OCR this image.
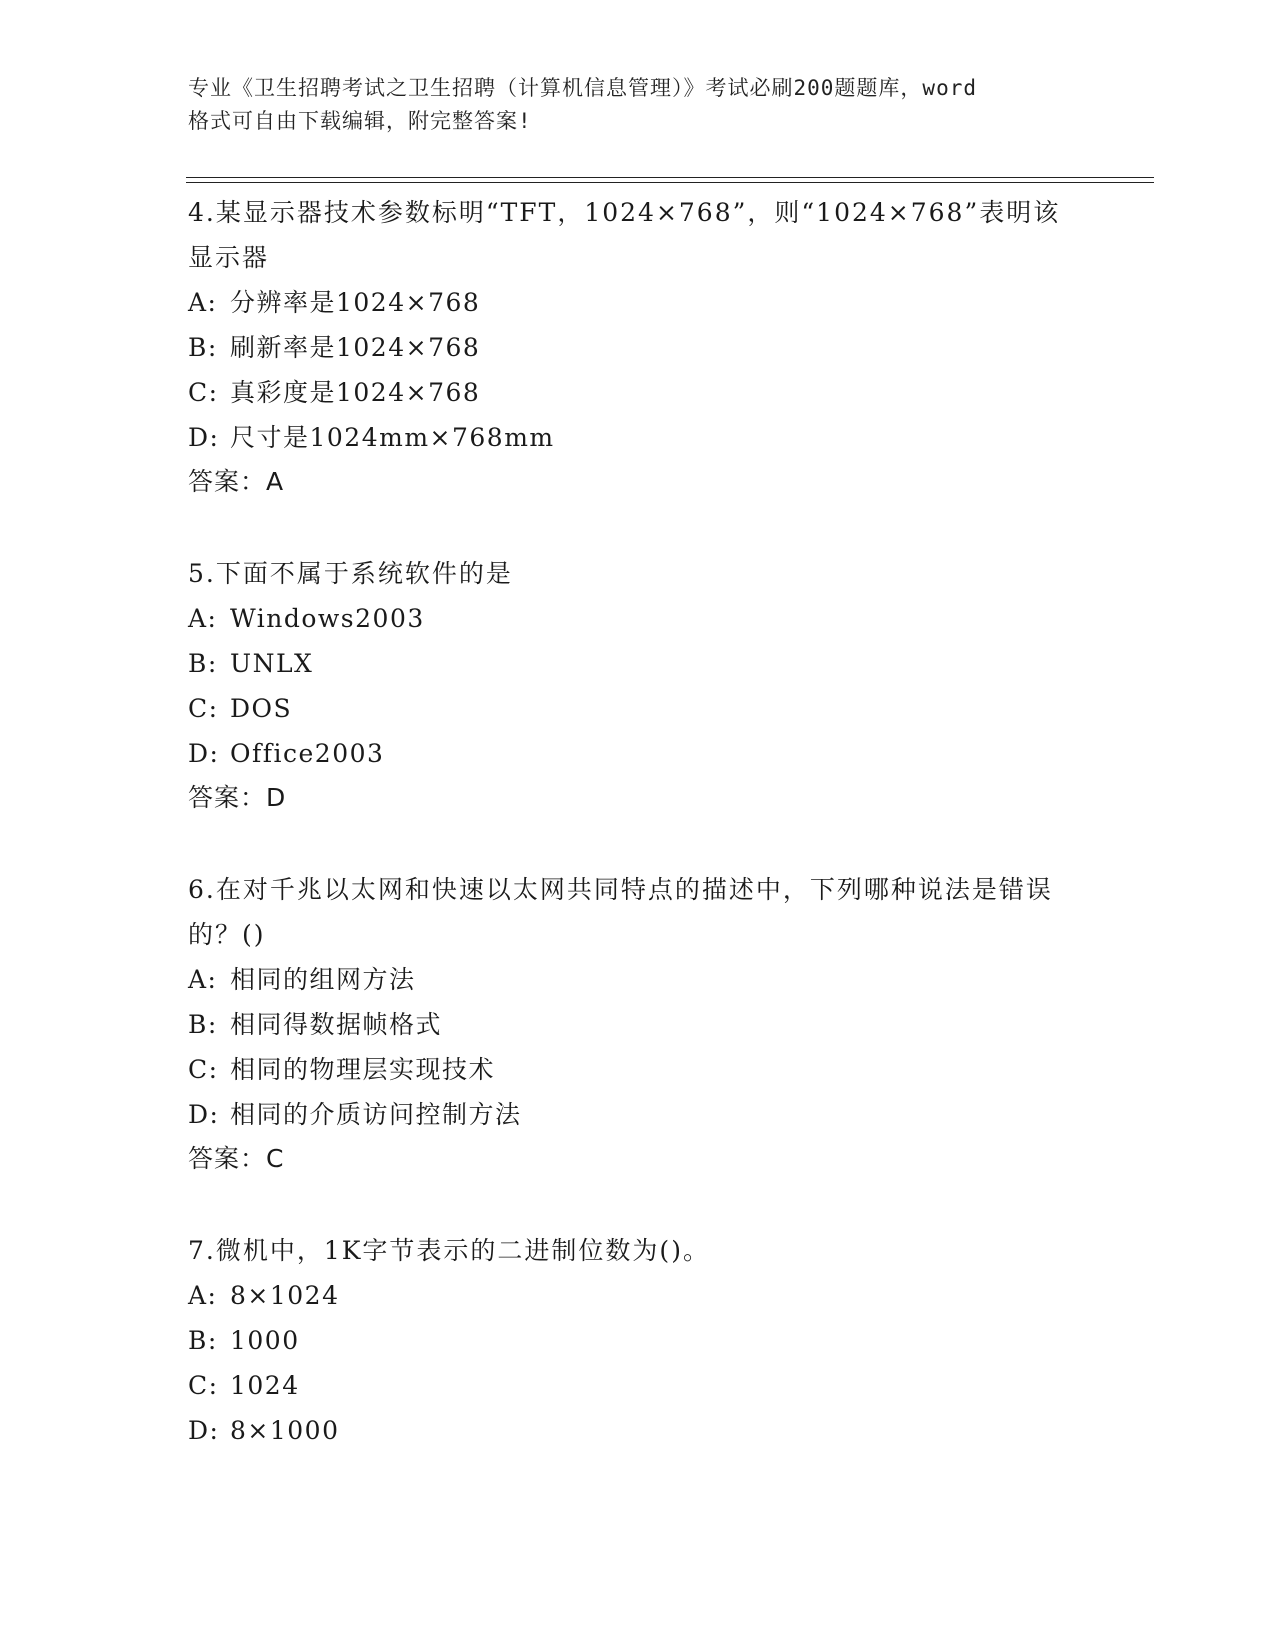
专业《卫生招聘考试之卫生招聘（计算机信息管理）》考试必刷200题题库，word
格式可自由下载编辑，附完整答案!

4.某显示器技术参数标明“TFT，1024×768”，则“1024×768”表明该显示器

A: 分辨率是1024×768

B: 刷新率是1024×768

C: 真彩度是1024×768

D: 尺寸是1024mm×768mm

答案：A

5.下面不属于系统软件的是

A: Windows2003

B: UNLX

C: DOS

D: Office2003

答案：D

6.在对千兆以太网和快速以太网共同特点的描述中，下列哪种说法是错误的？()

A: 相同的组网方法

B: 相同得数据帧格式

C: 相同的物理层实现技术

D: 相同的介质访问控制方法

答案：C

7.微机中，1K字节表示的二进制位数为()。

A: 8×1024

B: 1000

C: 1024

D: 8×1000
